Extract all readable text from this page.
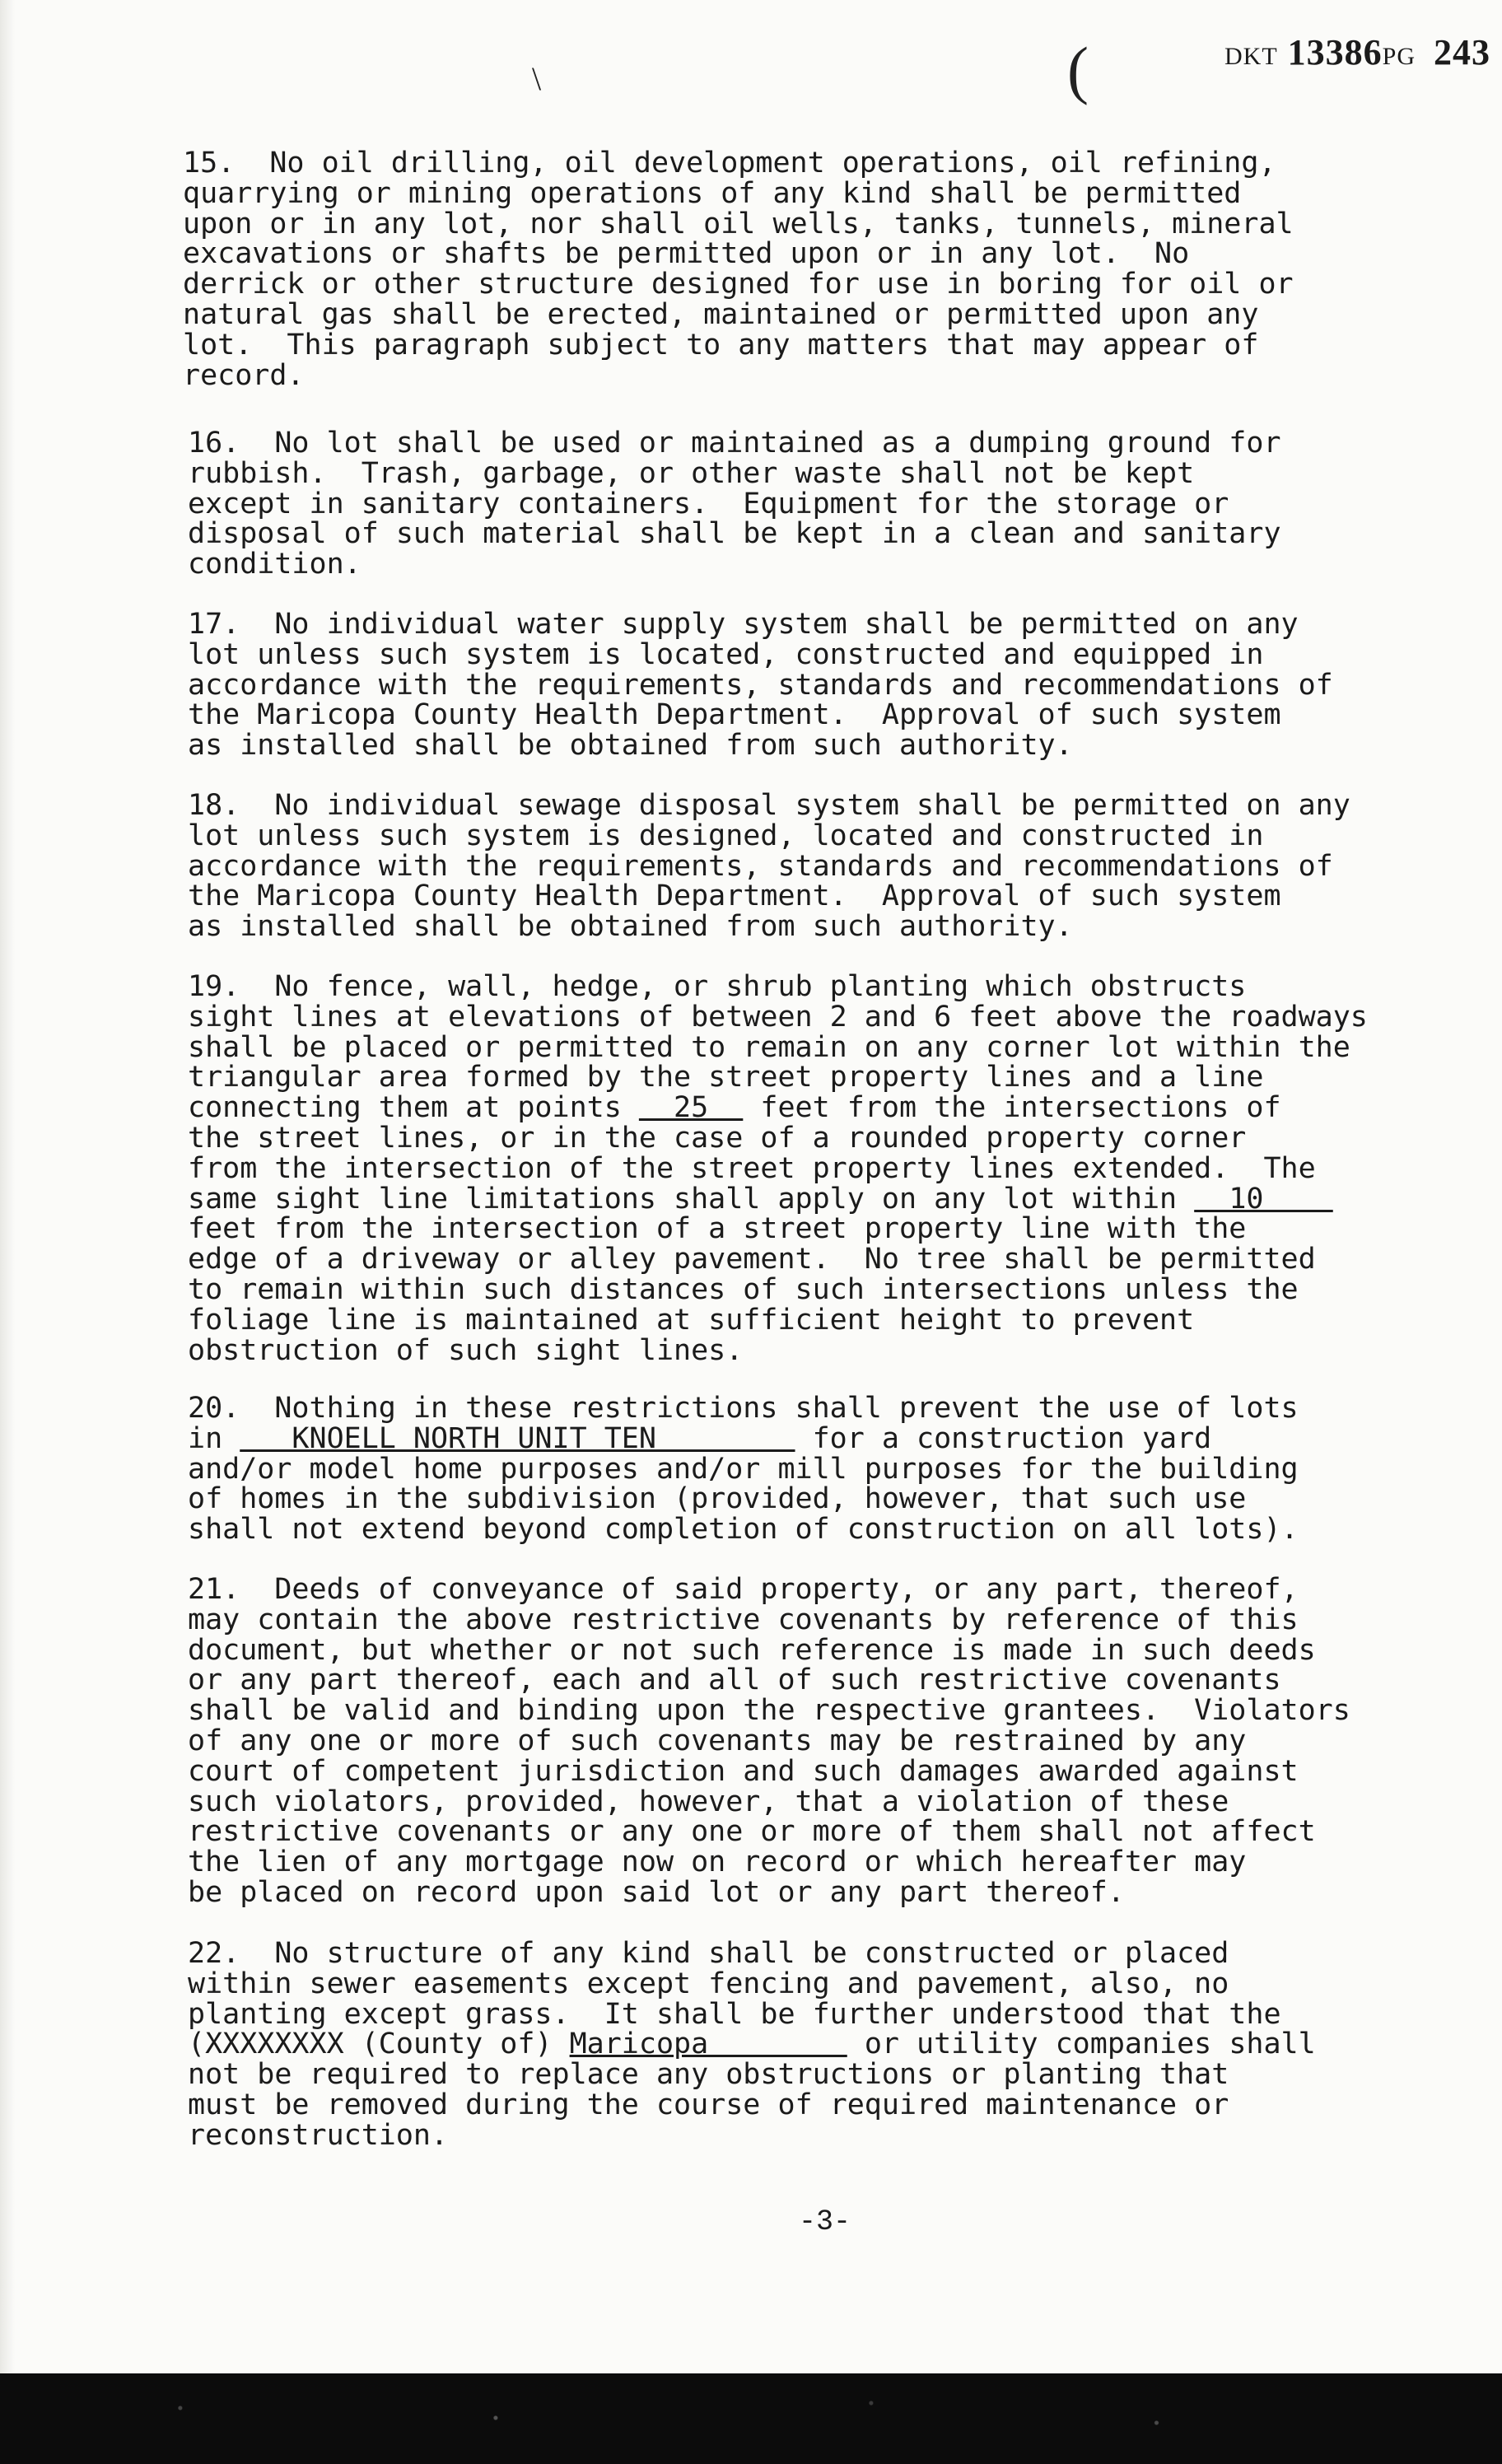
DKT 13386PG 243
\	(
15.  No oil drilling, oil development operations, oil refining,
quarrying or mining operations of any kind shall be permitted
upon or in any lot, nor shall oil wells, tanks, tunnels, mineral
excavations or shafts be permitted upon or in any lot.  No
derrick or other structure designed for use in boring for oil or
natural gas shall be erected, maintained or permitted upon any
lot.  This paragraph subject to any matters that may appear of
record.
16.  No lot shall be used or maintained as a dumping ground for
rubbish.  Trash, garbage, or other waste shall not be kept
except in sanitary containers.  Equipment for the storage or
disposal of such material shall be kept in a clean and sanitary
condition.
17.  No individual water supply system shall be permitted on any
lot unless such system is located, constructed and equipped in
accordance with the requirements, standards and recommendations of
the Maricopa County Health Department.  Approval of such system
as installed shall be obtained from such authority.
18.  No individual sewage disposal system shall be permitted on any
lot unless such system is designed, located and constructed in
accordance with the requirements, standards and recommendations of
the Maricopa County Health Department.  Approval of such system
as installed shall be obtained from such authority.
19.  No fence, wall, hedge, or shrub planting which obstructs
sight lines at elevations of between 2 and 6 feet above the roadways
shall be placed or permitted to remain on any corner lot within the
triangular area formed by the street property lines and a line
connecting them at points   25   feet from the intersections of
the street lines, or in the case of a rounded property corner
from the intersection of the street property lines extended.  The
same sight line limitations shall apply on any lot within   10
feet from the intersection of a street property line with the
edge of a driveway or alley pavement.  No tree shall be permitted
to remain within such distances of such intersections unless the
foliage line is maintained at sufficient height to prevent
obstruction of such sight lines.
20.  Nothing in these restrictions shall prevent the use of lots
in    KNOELL NORTH UNIT TEN         for a construction yard
and/or model home purposes and/or mill purposes for the building
of homes in the subdivision (provided, however, that such use
shall not extend beyond completion of construction on all lots).
21.  Deeds of conveyance of said property, or any part, thereof,
may contain the above restrictive covenants by reference of this
document, but whether or not such reference is made in such deeds
or any part thereof, each and all of such restrictive covenants
shall be valid and binding upon the respective grantees.  Violators
of any one or more of such covenants may be restrained by any
court of competent jurisdiction and such damages awarded against
such violators, provided, however, that a violation of these
restrictive covenants or any one or more of them shall not affect
the lien of any mortgage now on record or which hereafter may
be placed on record upon said lot or any part thereof.
22.  No structure of any kind shall be constructed or placed
within sewer easements except fencing and pavement, also, no
planting except grass.  It shall be further understood that the
(XXXXXXXX (County of) Maricopa         or utility companies shall
not be required to replace any obstructions or planting that
must be removed during the course of required maintenance or
reconstruction.
-3-
